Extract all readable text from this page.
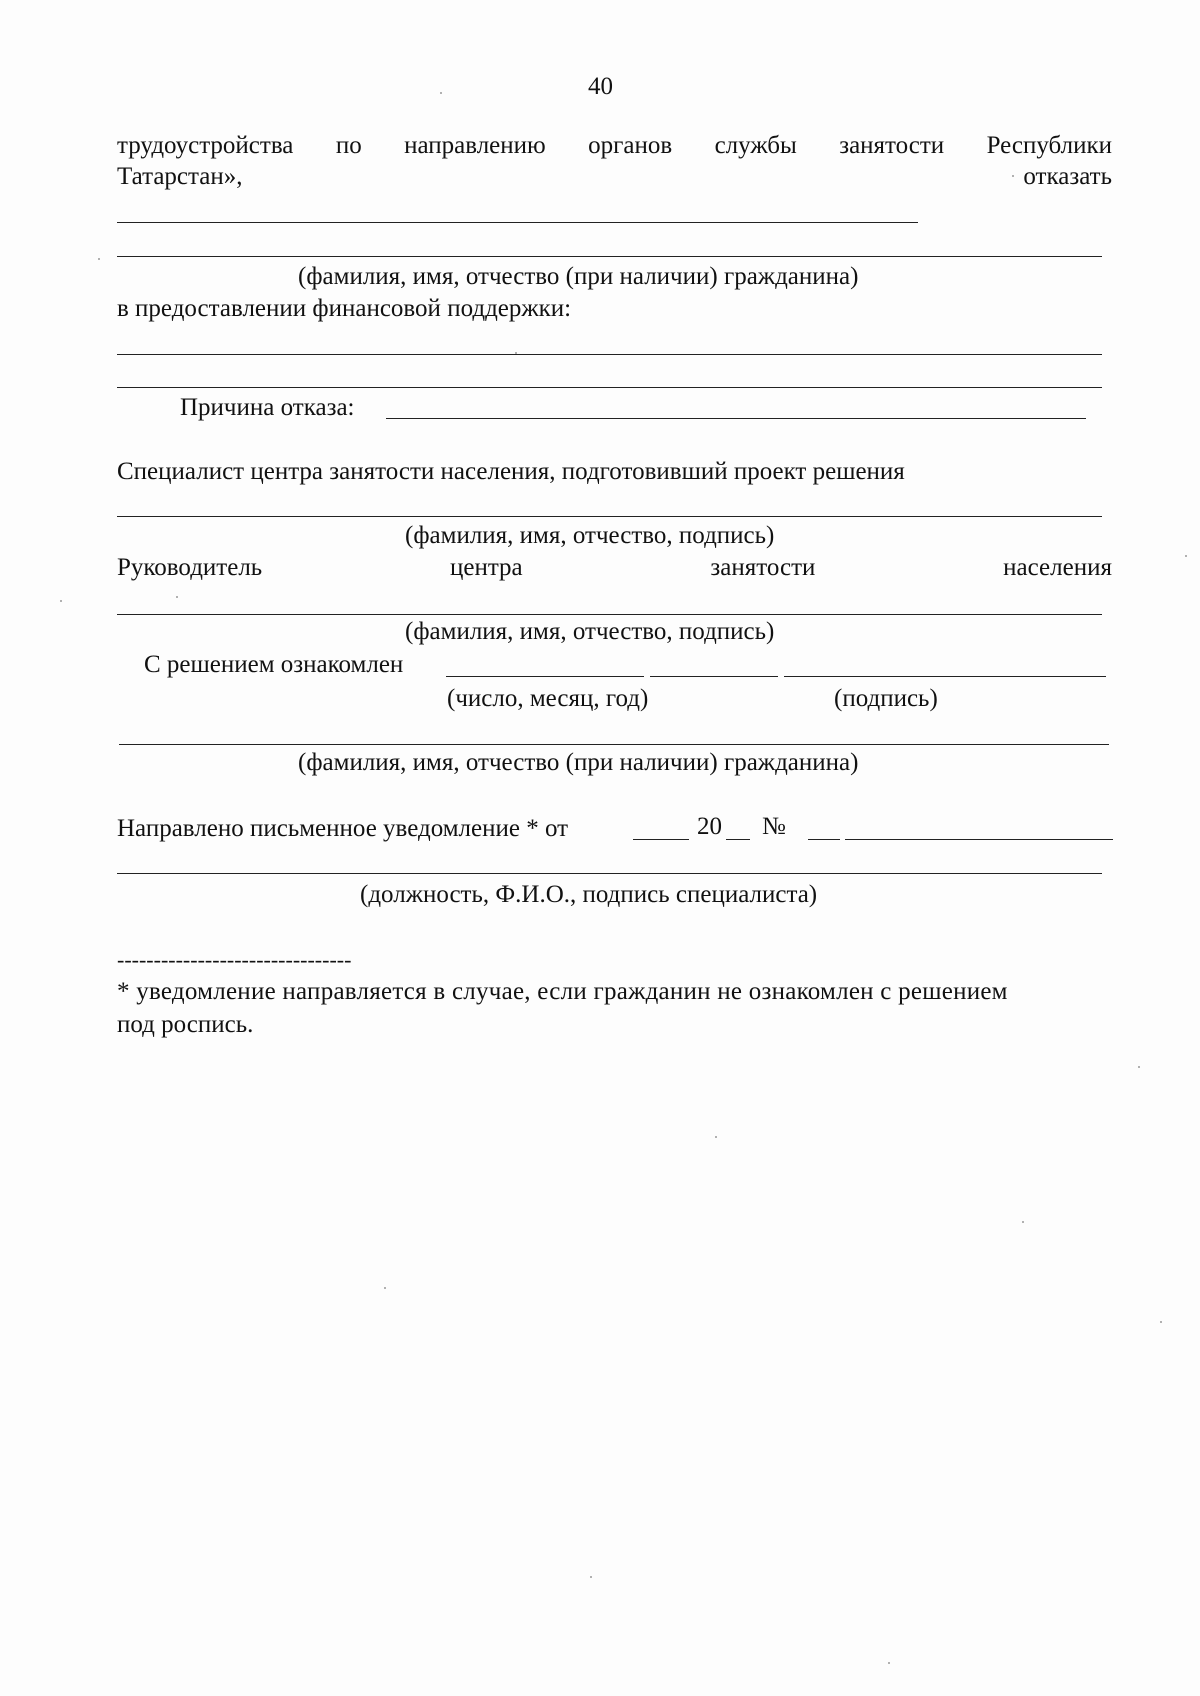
40
трудоустройства по направлению органов службы занятости Республики
Татарстан»,	отказать
(фамилия, имя, отчество (при наличии) гражданина)
в предоставлении финансовой поддержки:
Причина отказа:
Специалист центра занятости населения, подготовивший проект решения
(фамилия, имя, отчество, подпись)
Руководитель	центра	занятости	населения
(фамилия, имя, отчество, подпись)
С решением ознакомлен
(число, месяц, год)	(подпись)
(фамилия, имя, отчество (при наличии) гражданина)
Направлено письменное уведомление * от	20 №
(должность, Ф.И.О., подпись специалиста)
--------------------------------
* уведомление направляется в случае, если гражданин не ознакомлен с решением
под роспись.
